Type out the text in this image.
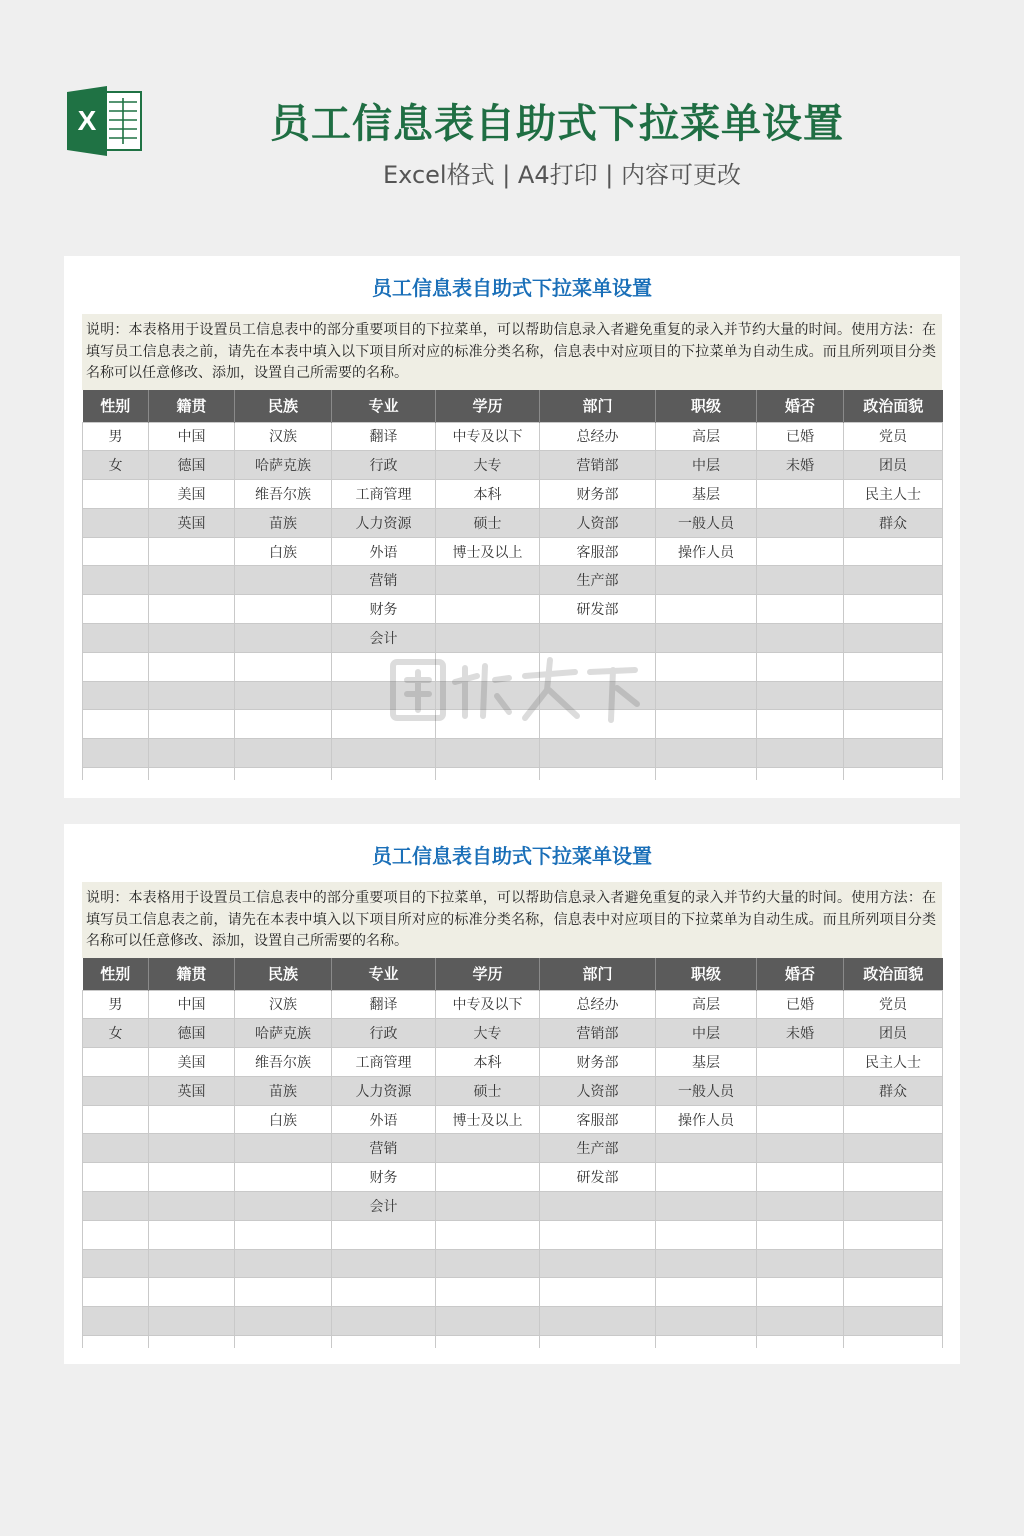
X	员工信息表自助式下拉菜单设置
Excel格式 | A4打印 | 内容可更改
员工信息表自助式下拉菜单设置
说明：本表格用于设置员工信息表中的部分重要项目的下拉菜单，可以帮助信息录入者避免重复的录入并节约大量的时间。使用方法：在填写员工信息表之前，请先在本表中填入以下项目所对应的标准分类名称，信息表中对应项目的下拉菜单为自动生成。而且所列项目分类名称可以任意修改、添加，设置自己所需要的名称。
性别	籍贯	民族	专业	学历	部门	职级	婚否	政治面貌
男	中国	汉族	翻译	中专及以下	总经办	高层	已婚	党员
女	德国	哈萨克族	行政	大专	营销部	中层	未婚	团员
	美国	维吾尔族	工商管理	本科	财务部	基层		民主人士
	英国	苗族	人力资源	硕士	人资部	一般人员		群众
		白族	外语	博士及以上	客服部	操作人员		
			营销		生产部			
			财务		研发部			
			会计					

员工信息表自助式下拉菜单设置
说明：本表格用于设置员工信息表中的部分重要项目的下拉菜单，可以帮助信息录入者避免重复的录入并节约大量的时间。使用方法：在填写员工信息表之前，请先在本表中填入以下项目所对应的标准分类名称，信息表中对应项目的下拉菜单为自动生成。而且所列项目分类名称可以任意修改、添加，设置自己所需要的名称。
性别	籍贯	民族	专业	学历	部门	职级	婚否	政治面貌
男	中国	汉族	翻译	中专及以下	总经办	高层	已婚	党员
女	德国	哈萨克族	行政	大专	营销部	中层	未婚	团员
	美国	维吾尔族	工商管理	本科	财务部	基层		民主人士
	英国	苗族	人力资源	硕士	人资部	一般人员		群众
		白族	外语	博士及以上	客服部	操作人员		
			营销		生产部			
			财务		研发部			
			会计					
